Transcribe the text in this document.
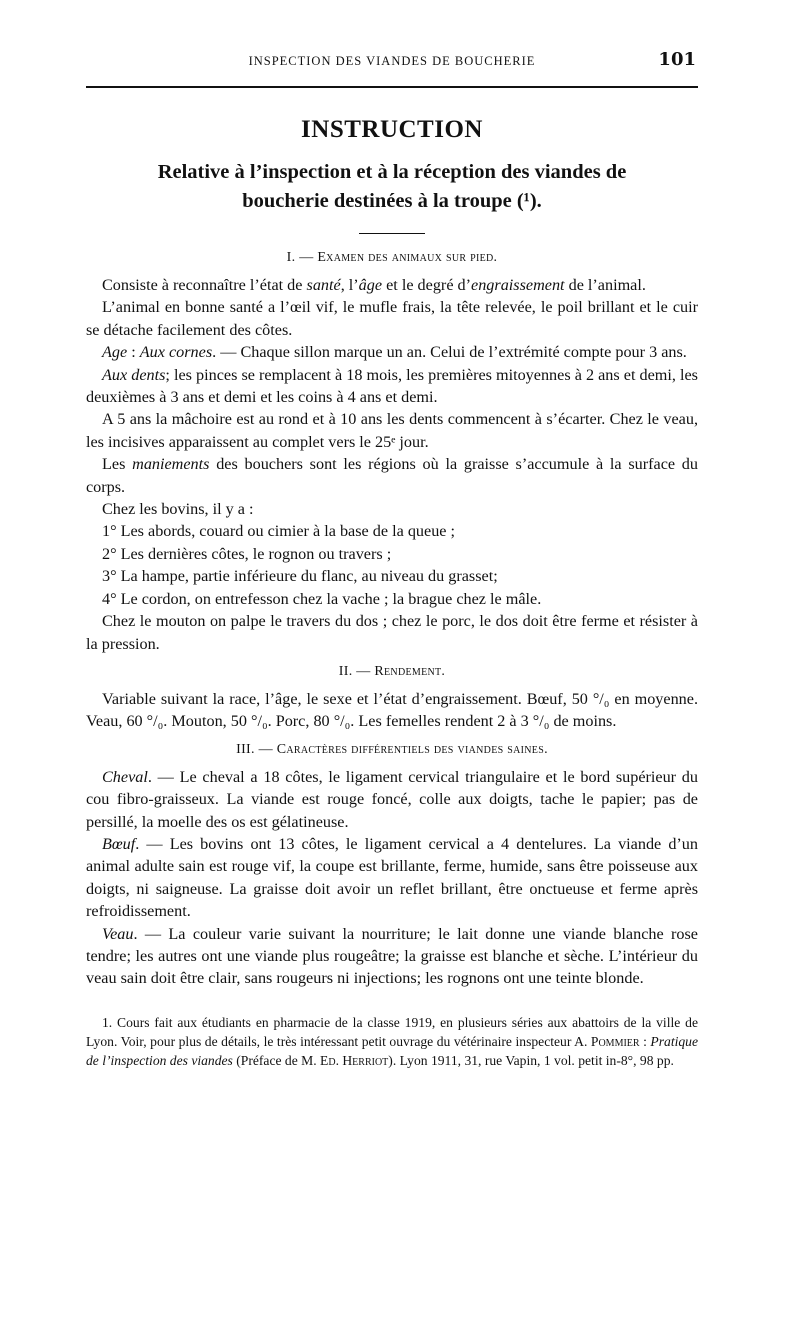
INSPECTION DES VIANDES DE BOUCHERIE	101
INSTRUCTION
Relative à l’inspection et à la réception des viandes de
boucherie destinées à la troupe (¹).
I. — Examen des animaux sur pied.

Consiste à reconnaître l’état de santé, l’âge et le degré d’engraissement de l’animal.

L’animal en bonne santé a l’œil vif, le mufle frais, la tête relevée, le poil brillant et le cuir se détache facilement des côtes.

Age : Aux cornes. — Chaque sillon marque un an. Celui de l’extrémité compte pour 3 ans.

Aux dents; les pinces se remplacent à 18 mois, les premières mitoyennes à 2 ans et demi, les deuxièmes à 3 ans et demi et les coins à 4 ans et demi.

A 5 ans la mâchoire est au rond et à 10 ans les dents commencent à s’écarter. Chez le veau, les incisives apparaissent au complet vers le 25ᵉ jour.

Les maniements des bouchers sont les régions où la graisse s’accumule à la surface du corps.

Chez les bovins, il y a :

1° Les abords, couard ou cimier à la base de la queue ;

2° Les dernières côtes, le rognon ou travers ;

3° La hampe, partie inférieure du flanc, au niveau du grasset;

4° Le cordon, on entrefesson chez la vache ; la brague chez le mâle.

Chez le mouton on palpe le travers du dos ; chez le porc, le dos doit être ferme et résister à la pression.

II. — Rendement.

Variable suivant la race, l’âge, le sexe et l’état d’engraissement. Bœuf, 50 °/₀ en moyenne. Veau, 60 °/₀. Mouton, 50 °/₀. Porc, 80 °/₀. Les femelles rendent 2 à 3 °/₀ de moins.

III. — Caractères différentiels des viandes saines.

Cheval. — Le cheval a 18 côtes, le ligament cervical triangulaire et le bord supérieur du cou fibro-graisseux. La viande est rouge foncé, colle aux doigts, tache le papier; pas de persillé, la moelle des os est gélatineuse.

Bœuf. — Les bovins ont 13 côtes, le ligament cervical a 4 dentelures. La viande d’un animal adulte sain est rouge vif, la coupe est brillante, ferme, humide, sans être poisseuse aux doigts, ni saigneuse. La graisse doit avoir un reflet brillant, être onctueuse et ferme après refroidissement.

Veau. — La couleur varie suivant la nourriture; le lait donne une viande blanche rose tendre; les autres ont une viande plus rougeâtre; la graisse est blanche et sèche. L’intérieur du veau sain doit être clair, sans rougeurs ni injections; les rognons ont une teinte blonde.

1. Cours fait aux étudiants en pharmacie de la classe 1919, en plusieurs séries aux abattoirs de la ville de Lyon. Voir, pour plus de détails, le très intéressant petit ouvrage du vétérinaire inspecteur A. Pommier : Pratique de l’inspection des viandes (Préface de M. Ed. Herriot). Lyon 1911, 31, rue Vapin, 1 vol. petit in-8°, 98 pp.
